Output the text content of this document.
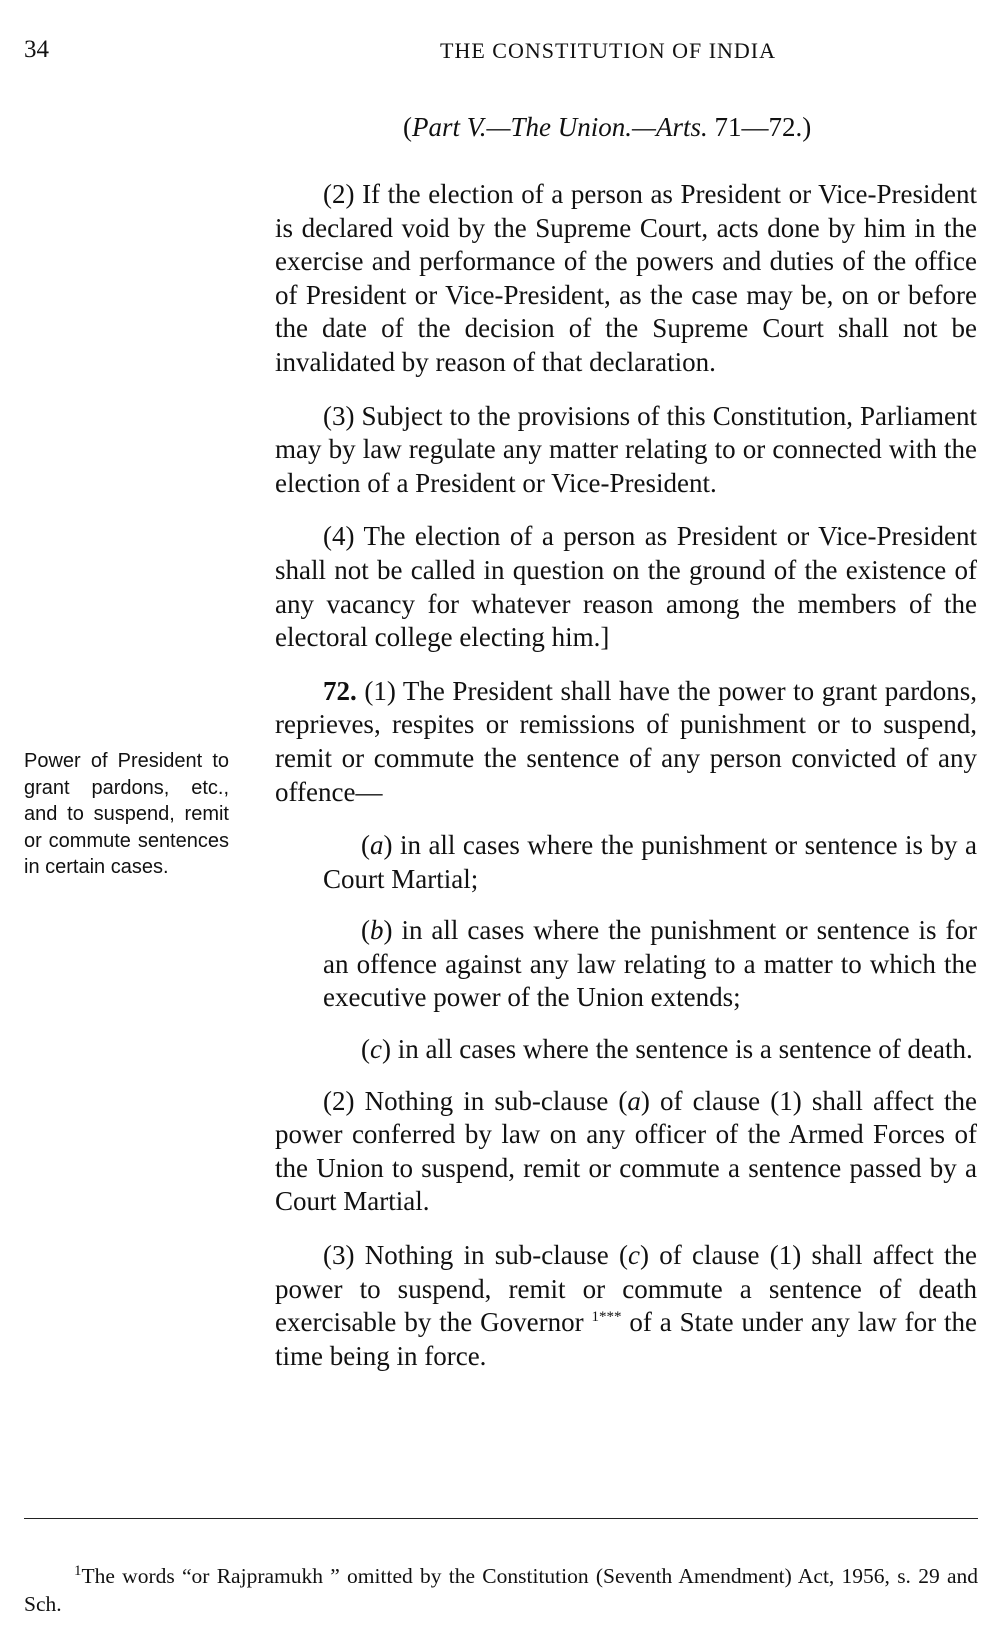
34	THE CONSTITUTION OF INDIA
(Part V.—The Union.—Arts. 71—72.)
Power of President to grant pardons, etc., and to suspend, remit or commute sentences in certain cases.

(2) If the election of a person as President or Vice-President is declared void by the Supreme Court, acts done by him in the exercise and performance of the powers and duties of the office of President or Vice-President, as the case may be, on or before the date of the decision of the Supreme Court shall not be invalidated by reason of that declaration.

(3) Subject to the provisions of this Constitution, Parliament may by law regulate any matter relating to or connected with the election of a President or Vice-President.

(4) The election of a person as President or Vice-President shall not be called in question on the ground of the existence of any vacancy for whatever reason among the members of the electoral college electing him.]

72. (1) The President shall have the power to grant pardons, reprieves, respites or remissions of punishment or to suspend, remit or commute the sentence of any person convicted of any offence—

(a) in all cases where the punishment or sentence is by a Court Martial;

(b) in all cases where the punishment or sentence is for an offence against any law relating to a matter to which the executive power of the Union extends;

(c) in all cases where the sentence is a sentence of death.

(2) Nothing in sub-clause (a) of clause (1) shall affect the power conferred by law on any officer of the Armed Forces of the Union to suspend, remit or commute a sentence passed by a Court Martial.

(3) Nothing in sub-clause (c) of clause (1) shall affect the power to suspend, remit or commute a sentence of death exercisable by the Governor $^{1***}$ of a State under any law for the time being in force.

$^1$The words “or Rajpramukh ” omitted by the Constitution (Seventh Amendment) Act, 1956, s. 29 and Sch.
